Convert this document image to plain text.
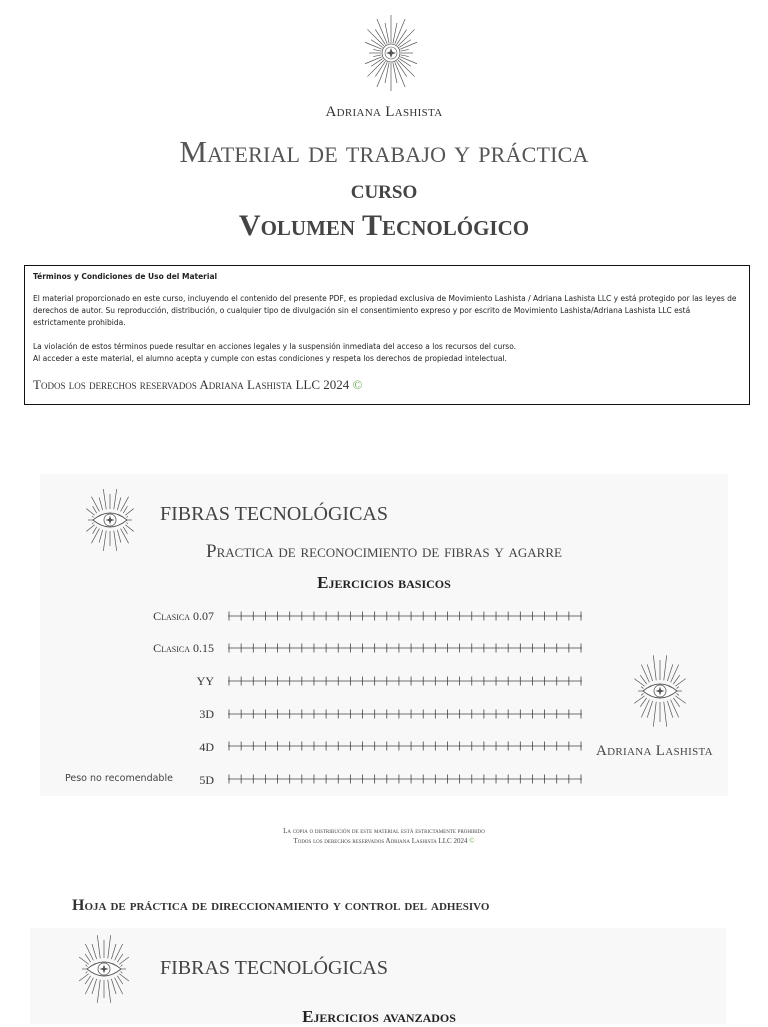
Adriana Lashista
Material de trabajo y práctica
curso
Volumen Tecnológico
Términos y Condiciones de Uso del Material

El material proporcionado en este curso, incluyendo el contenido del presente PDF, es propiedad exclusiva de Movimiento Lashista / Adriana Lashista LLC y está protegido por las leyes de derechos de autor. Su reproducción, distribución, o cualquier tipo de divulgación sin el consentimiento expreso y por escrito de Movimiento Lashista/Adriana Lashista LLC está estrictamente prohibida.

La violación de estos términos puede resultar en acciones legales y la suspensión inmediata del acceso a los recursos del curso.

Al acceder a este material, el alumno acepta y cumple con estas condiciones y respeta los derechos de propiedad intelectual.

Todos los derechos reservados Adriana Lashista LLC 2024 ©
FIBRAS TECNOLÓGICAS
Practica de reconocimiento de fibras y agarre
Ejercicios basicos
Clasica 0.07
Clasica 0.15
YY
3D
4D
5D
Peso no recomendable
Adriana Lashista
La copia o distribución de este material está estrictamente prohibido
Todos los derechos reservados Adriana Lashista LLC 2024 ©
Hoja de práctica de direccionamiento y control del adhesivo
FIBRAS TECNOLÓGICAS
Ejercicios avanzados
